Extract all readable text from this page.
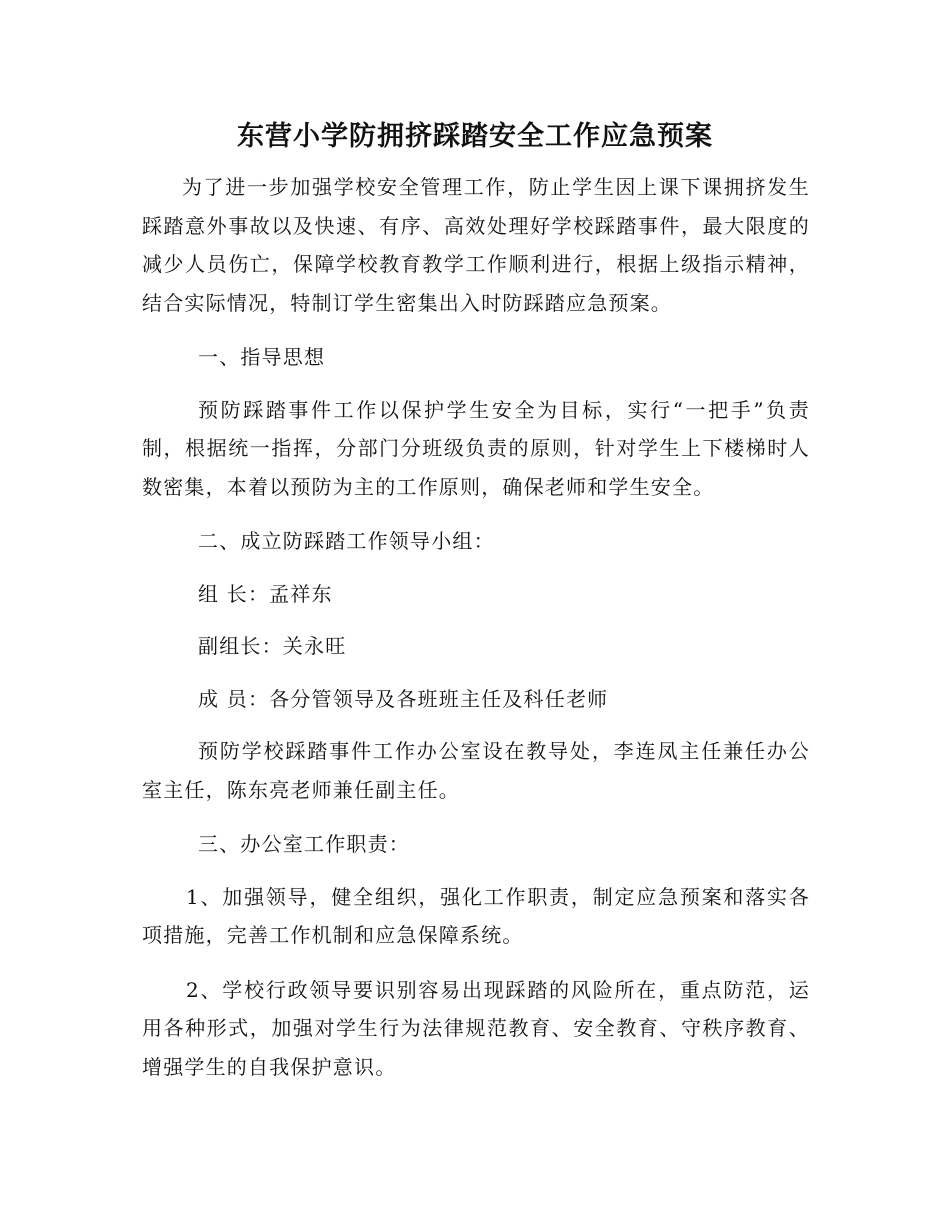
东营小学防拥挤踩踏安全工作应急预案

为了进一步加强学校安全管理工作，防止学生因上课下课拥挤发生踩踏意外事故以及快速、有序、高效处理好学校踩踏事件，最大限度的减少人员伤亡，保障学校教育教学工作顺利进行，根据上级指示精神，结合实际情况，特制订学生密集出入时防踩踏应急预案。

一、指导思想

预防踩踏事件工作以保护学生安全为目标，实行“一把手”负责制，根据统一指挥，分部门分班级负责的原则，针对学生上下楼梯时人数密集，本着以预防为主的工作原则，确保老师和学生安全。

二、成立防踩踏工作领导小组：

组 长：孟祥东

副组长：关永旺

成 员：各分管领导及各班班主任及科任老师

预防学校踩踏事件工作办公室设在教导处，李连凤主任兼任办公室主任，陈东亮老师兼任副主任。

三、办公室工作职责：

1、加强领导，健全组织，强化工作职责，制定应急预案和落实各项措施，完善工作机制和应急保障系统。

2、学校行政领导要识别容易出现踩踏的风险所在，重点防范，运用各种形式，加强对学生行为法律规范教育、安全教育、守秩序教育、增强学生的自我保护意识。
